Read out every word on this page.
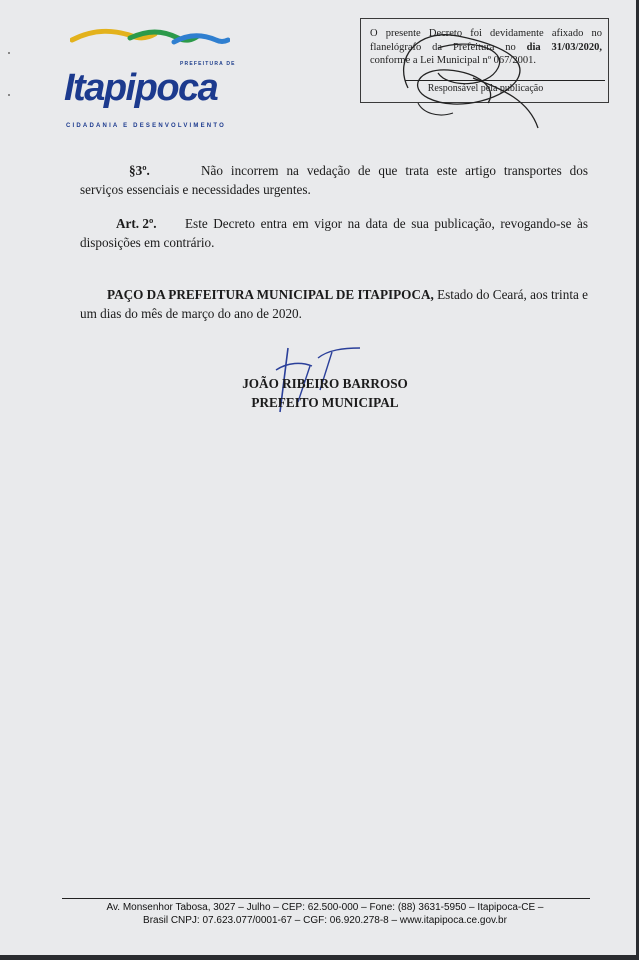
PREFEITURA DE
Itapipoca
CIDADANIA E DESENVOLVIMENTO
O presente Decreto foi devidamente afixado no flanelógrafo da Prefeitura no dia 31/03/2020, conforme a Lei Municipal nº 067/2001.
Responsável pela publicação
§3º.	Não incorrem na vedação de que trata este artigo transportes dos serviços essenciais e necessidades urgentes.
Art. 2º. Este Decreto entra em vigor na data de sua publicação, revogando-se às disposições em contrário.
PAÇO DA PREFEITURA MUNICIPAL DE ITAPIPOCA, Estado do Ceará, aos trinta e um dias do mês de março do ano de 2020.
JOÃO RIBEIRO BARROSO
PREFEITO MUNICIPAL
Av. Monsenhor Tabosa, 3027 – Julho – CEP: 62.500-000 – Fone: (88) 3631-5950 – Itapipoca-CE –
Brasil CNPJ: 07.623.077/0001-67 – CGF: 06.920.278-8 – www.itapipoca.ce.gov.br
